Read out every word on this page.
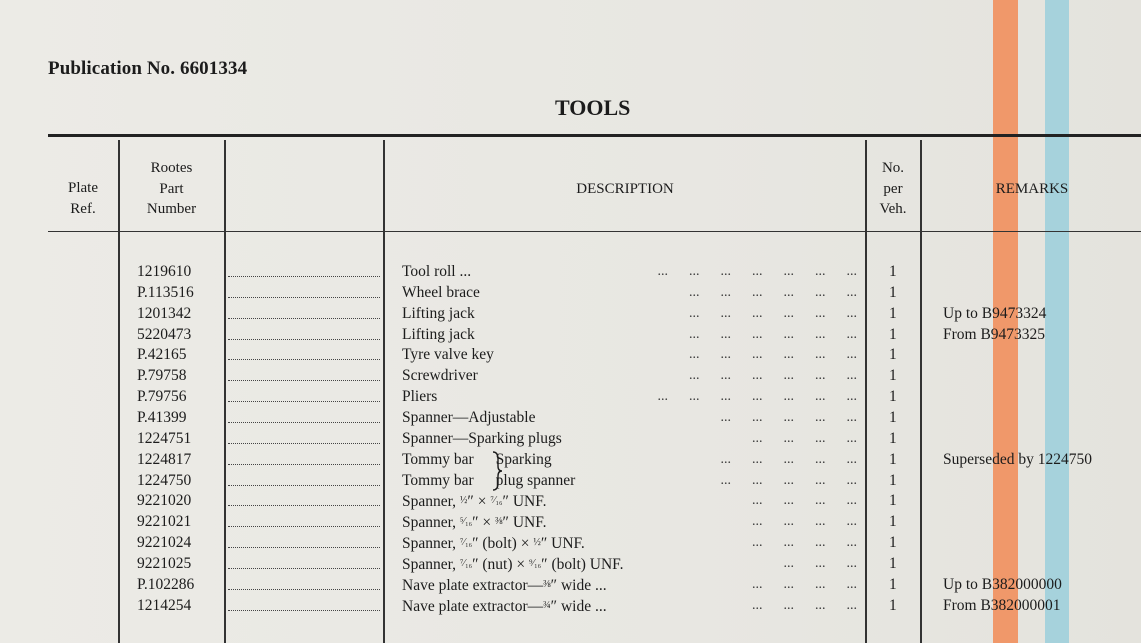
Publication No. 6601334
TOOLS
Plate
Ref.
Rootes
Part
Number
DESCRIPTION
No.
per
Veh.
REMARKS
1219610	Tool roll ...	...      ...      ...      ...      ...      ...      ... 1
P.113516	Wheel brace	...      ...      ...      ...      ...      ... 1
1201342	Lifting jack	...      ...      ...      ...      ...      ... 1	Up to B9473324
5220473	Lifting jack	...      ...      ...      ...      ...      ... 1	From B9473325
P.42165	Tyre valve key	...      ...      ...      ...      ...      ... 1
P.79758	Screwdriver	...      ...      ...      ...      ...      ... 1
P.79756	Pliers	...      ...      ...      ...      ...      ...      ... 1
P.41399	Spanner—Adjustable	...      ...      ...      ...      ... 1
1224751	Spanner—Sparking plugs	...      ...      ...      ... 1
1224817	Tommy bar Sparking	...      ...      ...      ...      ... 1	Superseded by 1224750
1224750	Tommy bar plug spanner	...      ...      ...      ...      ... 1
9221020	Spanner, ½″ × ⁷⁄₁₆″ UNF.	...      ...      ...      ... 1
9221021	Spanner, ⁵⁄₁₆″ × ⅜″ UNF.	...      ...      ...      ... 1
9221024	Spanner, ⁷⁄₁₆″ (bolt) × ½″ UNF.	...      ...      ...      ... 1
9221025	Spanner, ⁷⁄₁₆″ (nut) × ⁹⁄₁₆″ (bolt) UNF.	...      ...      ... 1
P.102286	Nave plate extractor—⅜″ wide ...	...      ...      ...      ... 1	Up to B382000000
1214254	Nave plate extractor—¾″ wide ...	...      ...      ...      ... 1	From B382000001
